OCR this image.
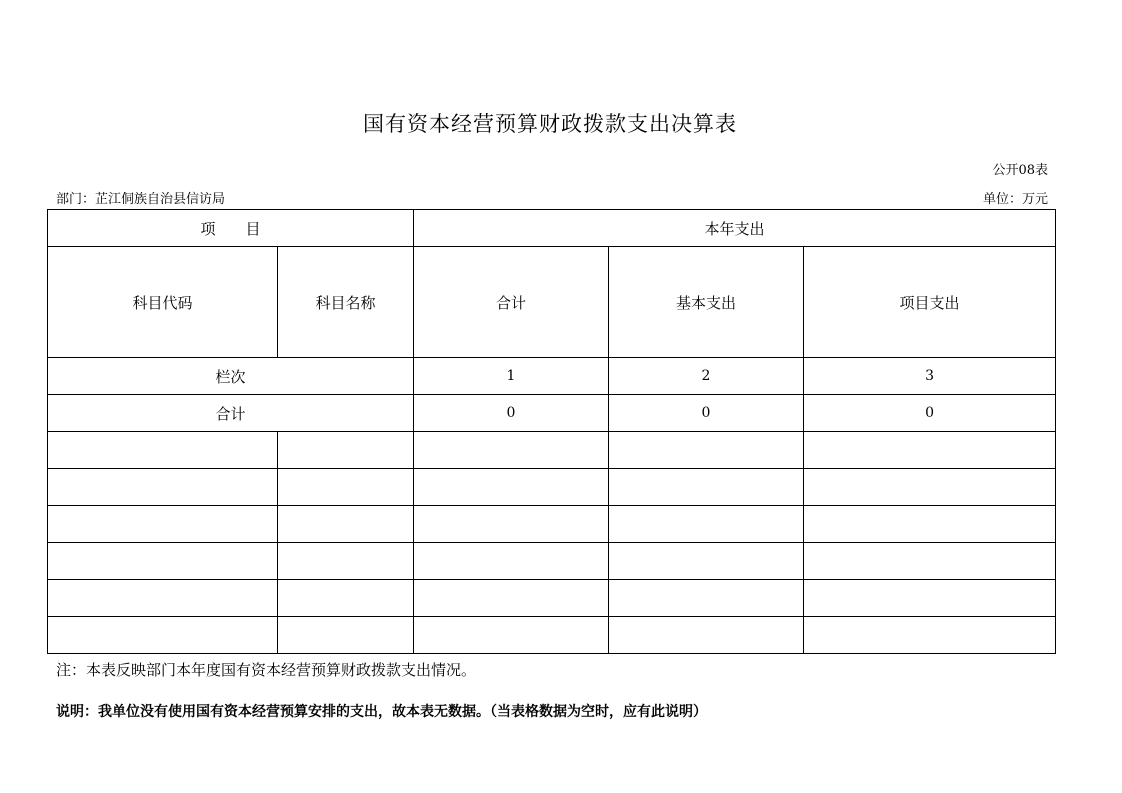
国有资本经营预算财政拨款支出决算表
公开08表
部门：芷江侗族自治县信访局	单位：万元
项　　目		本年支出		
科目代码	科目名称	合计	基本支出	项目支出
栏次		1	2	3
合计		0	0	0

注：本表反映部门本年度国有资本经营预算财政拨款支出情况。
说明：我单位没有使用国有资本经营预算安排的支出，故本表无数据。（当表格数据为空时，应有此说明）
